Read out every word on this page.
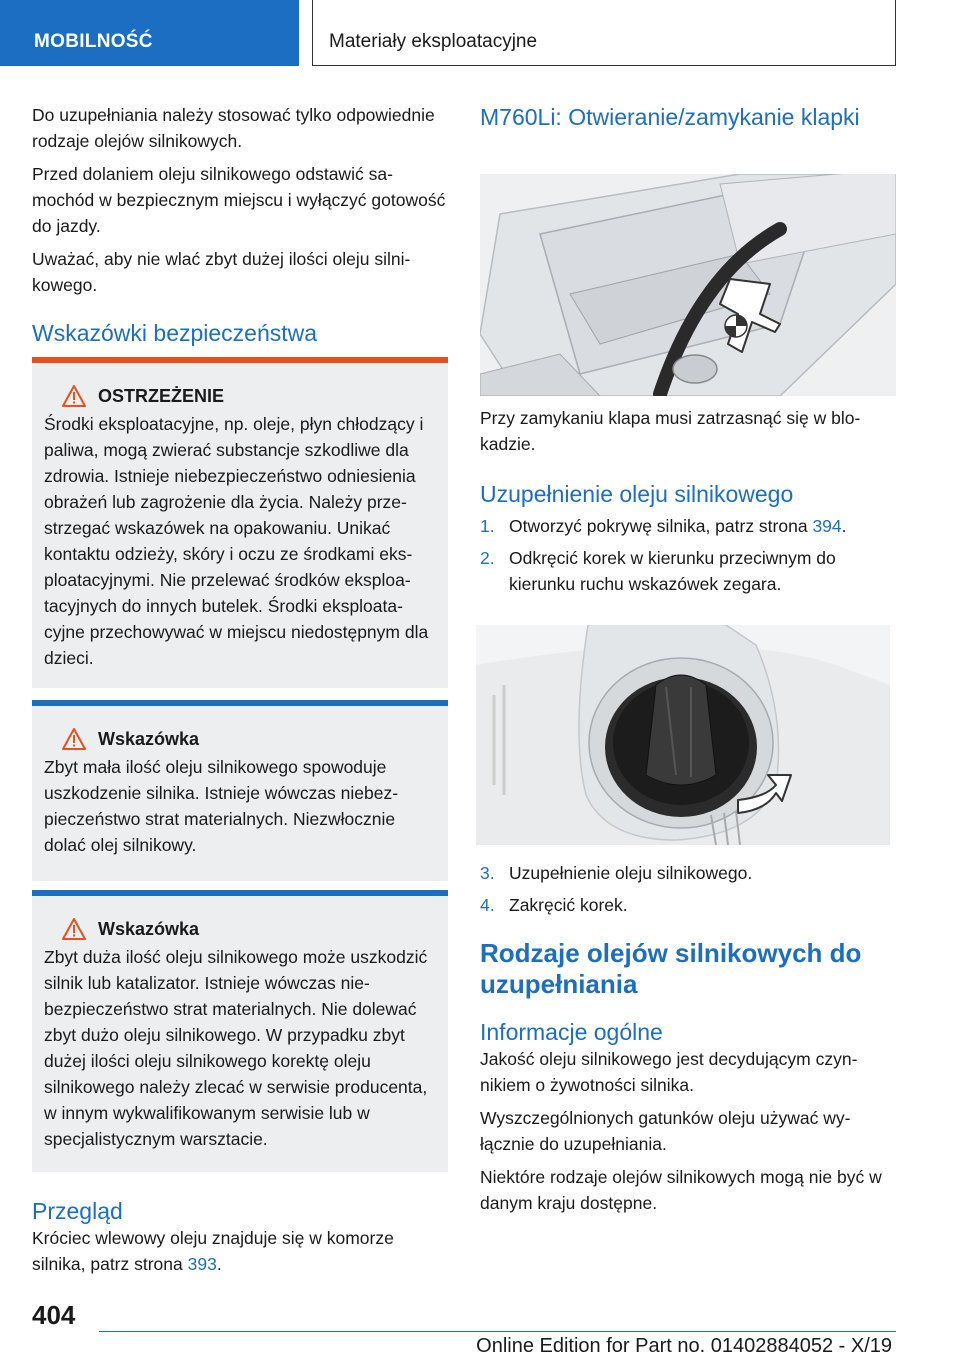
MOBILNOŚĆ	Materiały eksploatacyjne

Do uzupełniania należy stosować tylko odpowiednie rodzaje olejów silnikowych.

Przed dolaniem oleju silnikowego odstawić samochód w bezpiecznym miejscu i wyłączyć gotowość do jazdy.

Uważać, aby nie wlać zbyt dużej ilości oleju silnikowego.

Wskazówki bezpieczeństwa
OSTRZEŻENIE

Środki eksploatacyjne, np. oleje, płyn chłodzący i paliwa, mogą zwierać substancje szkodliwe dla zdrowia. Istnieje niebezpieczeństwo odniesienia obrażeń lub zagrożenie dla życia. Należy przestrzegać wskazówek na opakowaniu. Unikać kontaktu odzieży, skóry i oczu ze środkami eksploatacyjnymi. Nie przelewać środków eksploatacyjnych do innych butelek. Środki eksploatacyjne przechowywać w miejscu niedostępnym dla dzieci.

Wskazówka

Zbyt mała ilość oleju silnikowego spowoduje uszkodzenie silnika. Istnieje wówczas niebezpieczeństwo strat materialnych. Niezwłocznie dolać olej silnikowy.

Wskazówka

Zbyt duża ilość oleju silnikowego może uszkodzić silnik lub katalizator. Istnieje wówczas niebezpieczeństwo strat materialnych. Nie dolewać zbyt dużo oleju silnikowego. W przypadku zbyt dużej ilości oleju silnikowego korektę oleju silnikowego należy zlecać w serwisie producenta, w innym wykwalifikowanym serwisie lub w specjalistycznym warsztacie.

Przegląd

Króciec wlewowy oleju znajduje się w komorze silnika, patrz strona 393.

M760Li: Otwieranie/zamykanie klapki

Przy zamykaniu klapa musi zatrzasnąć się w blokadzie.

Uzupełnienie oleju silnikowego
1. Otworzyć pokrywę silnika, patrz strona 394.
2. Odkręcić korek w kierunku przeciwnym do kierunku ruchu wskazówek zegara.
3. Uzupełnienie oleju silnikowego.
4. Zakręcić korek.
Rodzaje olejów silnikowych do uzupełniania
Informacje ogólne

Jakość oleju silnikowego jest decydującym czynnikiem o żywotności silnika.

Wyszczególnionych gatunków oleju używać wyłącznie do uzupełniania.

Niektóre rodzaje olejów silnikowych mogą nie być w danym kraju dostępne.

404
Online Edition for Part no. 01402884052 - X/19
